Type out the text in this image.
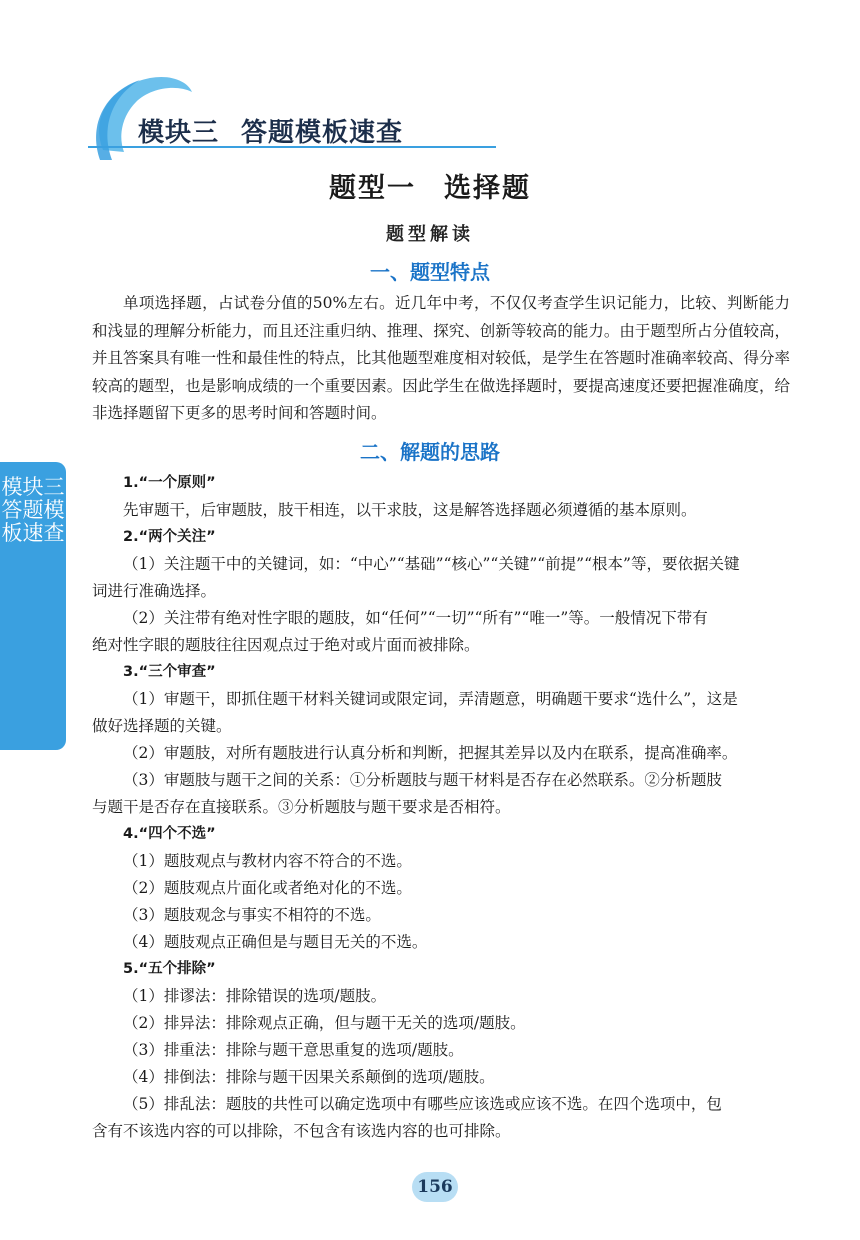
模块三 答题模板速查
题型一 选择题
题型解读
一、题型特点
单项选择题，占试卷分值的50%左右。近几年中考，不仅仅考查学生识记能力，比较、判断能力和浅显的理解分析能力，而且还注重归纳、推理、探究、创新等较高的能力。由于题型所占分值较高，并且答案具有唯一性和最佳性的特点，比其他题型难度相对较低，是学生在答题时准确率较高、得分率较高的题型，也是影响成绩的一个重要因素。因此学生在做选择题时，要提高速度还要把握准确度，给非选择题留下更多的思考时间和答题时间。
二、解题的思路
1.“一个原则”
先审题干，后审题肢，肢干相连，以干求肢，这是解答选择题必须遵循的基本原则。
2.“两个关注”
（1）关注题干中的关键词，如：“中心”“基础”“核心”“关键”“前提”“根本”等，要依据关键
词进行准确选择。
（2）关注带有绝对性字眼的题肢，如“任何”“一切”“所有”“唯一”等。一般情况下带有
绝对性字眼的题肢往往因观点过于绝对或片面而被排除。
3.“三个审查”
（1）审题干，即抓住题干材料关键词或限定词，弄清题意，明确题干要求“选什么”，这是
做好选择题的关键。
（2）审题肢，对所有题肢进行认真分析和判断，把握其差异以及内在联系，提高准确率。
（3）审题肢与题干之间的关系：①分析题肢与题干材料是否存在必然联系。②分析题肢
与题干是否存在直接联系。③分析题肢与题干要求是否相符。
4.“四个不选”
（1）题肢观点与教材内容不符合的不选。
（2）题肢观点片面化或者绝对化的不选。
（3）题肢观念与事实不相符的不选。
（4）题肢观点正确但是与题目无关的不选。
5.“五个排除”
（1）排谬法：排除错误的选项/题肢。
（2）排异法：排除观点正确，但与题干无关的选项/题肢。
（3）排重法：排除与题干意思重复的选项/题肢。
（4）排倒法：排除与题干因果关系颠倒的选项/题肢。
（5）排乱法：题肢的共性可以确定选项中有哪些应该选或应该不选。在四个选项中，包
含有不该选内容的可以排除，不包含有该选内容的也可排除。
模块三 答题模板速查
156
